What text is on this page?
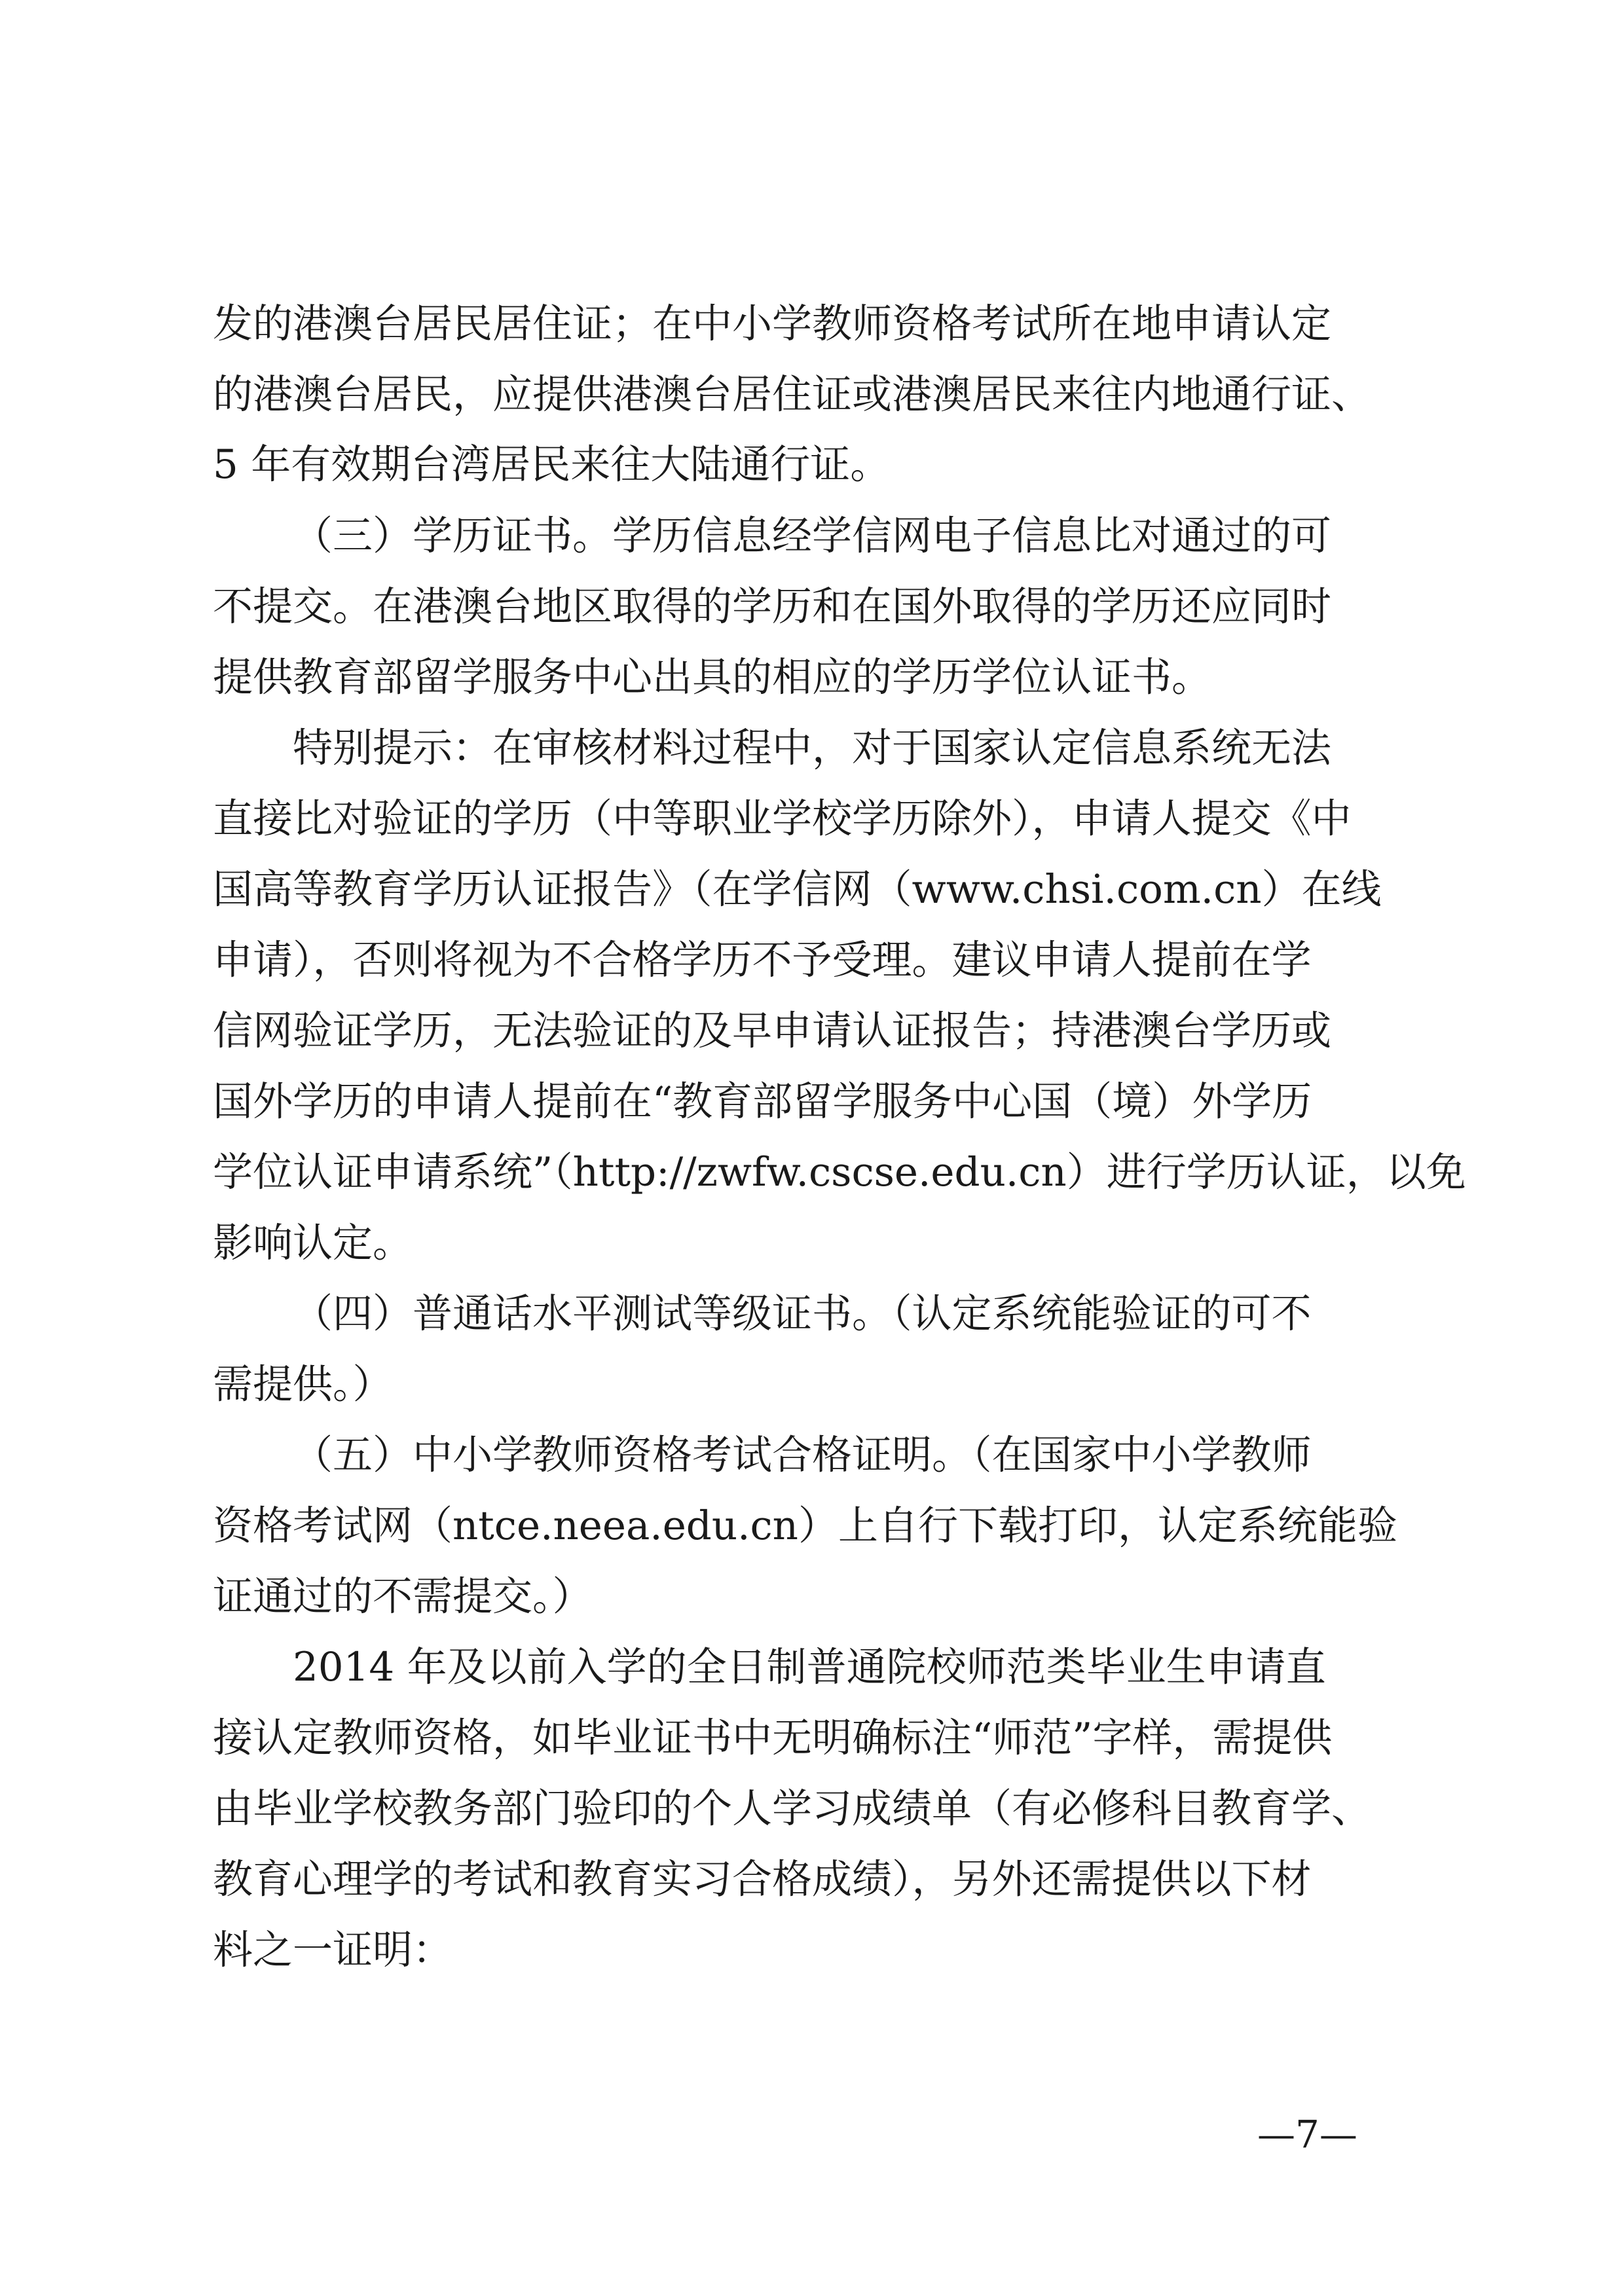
发的港澳台居民居住证；在中小学教师资格考试所在地申请认定
的港澳台居民，应提供港澳台居住证或港澳居民来往内地通行证、
5 年有效期台湾居民来往大陆通行证。
（三）学历证书。学历信息经学信网电子信息比对通过的可
不提交。在港澳台地区取得的学历和在国外取得的学历还应同时
提供教育部留学服务中心出具的相应的学历学位认证书。
特别提示：在审核材料过程中，对于国家认定信息系统无法
直接比对验证的学历（中等职业学校学历除外），申请人提交《中
国高等教育学历认证报告》（在学信网（www.chsi.com.cn）在线
申请），否则将视为不合格学历不予受理。建议申请人提前在学
信网验证学历，无法验证的及早申请认证报告；持港澳台学历或
国外学历的申请人提前在“教育部留学服务中心国（境）外学历
学位认证申请系统”（http://zwfw.cscse.edu.cn）进行学历认证，以免
影响认定。
（四）普通话水平测试等级证书。（认定系统能验证的可不
需提供。）
（五）中小学教师资格考试合格证明。（在国家中小学教师
资格考试网（ntce.neea.edu.cn）上自行下载打印，认定系统能验
证通过的不需提交。）
2014 年及以前入学的全日制普通院校师范类毕业生申请直
接认定教师资格，如毕业证书中无明确标注“师范”字样，需提供
由毕业学校教务部门验印的个人学习成绩单（有必修科目教育学、
教育心理学的考试和教育实习合格成绩），另外还需提供以下材
料之一证明：
—7—
